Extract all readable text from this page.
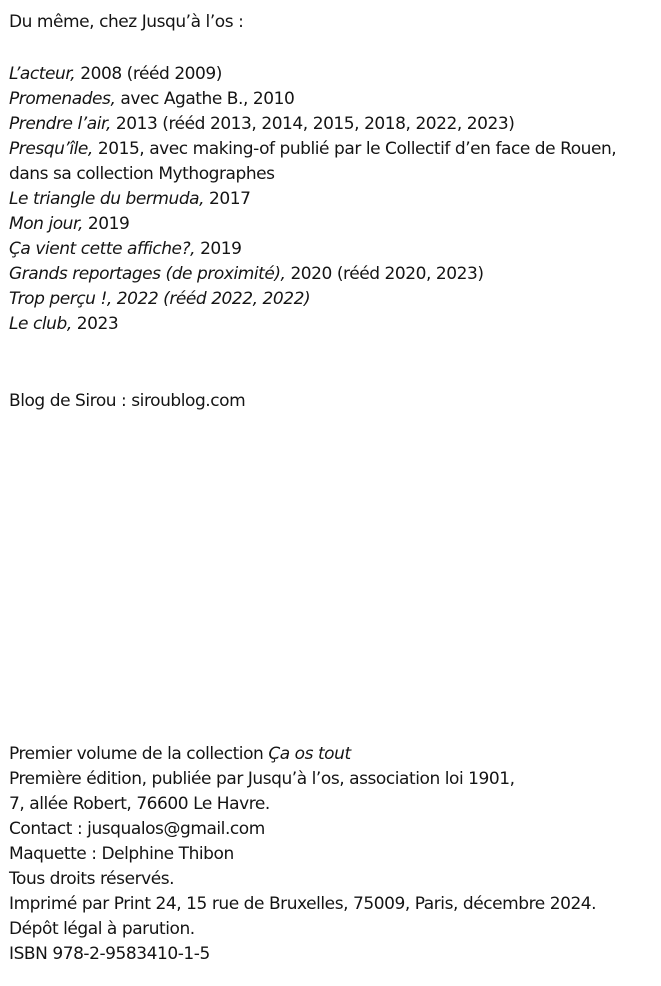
Du même, chez Jusqu’à l’os :
L’acteur, 2008 (rééd 2009)
Promenades, avec Agathe B., 2010
Prendre l’air, 2013 (rééd 2013, 2014, 2015, 2018, 2022, 2023)
Presqu’île, 2015, avec making-of publié par le Collectif d’en face de Rouen,
dans sa collection Mythographes
Le triangle du bermuda, 2017
Mon jour, 2019
Ça vient cette affiche?, 2019
Grands reportages (de proximité), 2020 (rééd 2020, 2023)
Trop perçu !, 2022 (rééd 2022, 2022)
Le club, 2023
Blog de Sirou : siroublog.com
Premier volume de la collection Ça os tout
Première édition, publiée par Jusqu’à l’os, association loi 1901,
7, allée Robert, 76600 Le Havre.
Contact : jusqualos@gmail.com
Maquette : Delphine Thibon
Tous droits réservés.
Imprimé par Print 24, 15 rue de Bruxelles, 75009, Paris, décembre 2024.
Dépôt légal à parution.
ISBN 978-2-9583410-1-5
